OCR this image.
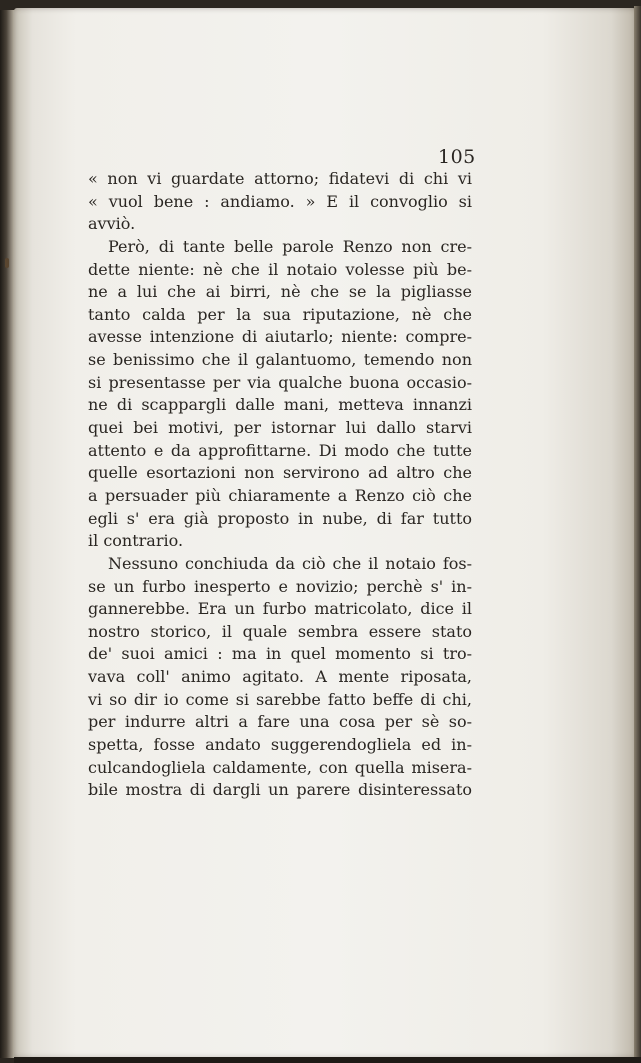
105
« non vi guardate attorno; fidatevi di chi vi
« vuol bene : andiamo. » E il convoglio si
avviò.
Però, di tante belle parole Renzo non cre-
dette niente: nè che il notaio volesse più be-
ne a lui che ai birri, nè che se la pigliasse
tanto calda per la sua riputazione, nè che
avesse intenzione di aiutarlo; niente: compre-
se benissimo che il galantuomo, temendo non
si presentasse per via qualche buona occasio-
ne di scappargli dalle mani, metteva innanzi
quei bei motivi, per istornar lui dallo starvi
attento e da approfittarne. Di modo che tutte
quelle esortazioni non servirono ad altro che
a persuader più chiaramente a Renzo ciò che
egli s' era già proposto in nube, di far tutto
il contrario.
Nessuno conchiuda da ciò che il notaio fos-
se un furbo inesperto e novizio; perchè s' in-
gannerebbe. Era un furbo matricolato, dice il
nostro storico, il quale sembra essere stato
de' suoi amici : ma in quel momento si tro-
vava coll' animo agitato. A mente riposata,
vi so dir io come si sarebbe fatto beffe di chi,
per indurre altri a fare una cosa per sè so-
spetta, fosse andato suggerendogliela ed in-
culcandogliela caldamente, con quella misera-
bile mostra di dargli un parere disinteressato
